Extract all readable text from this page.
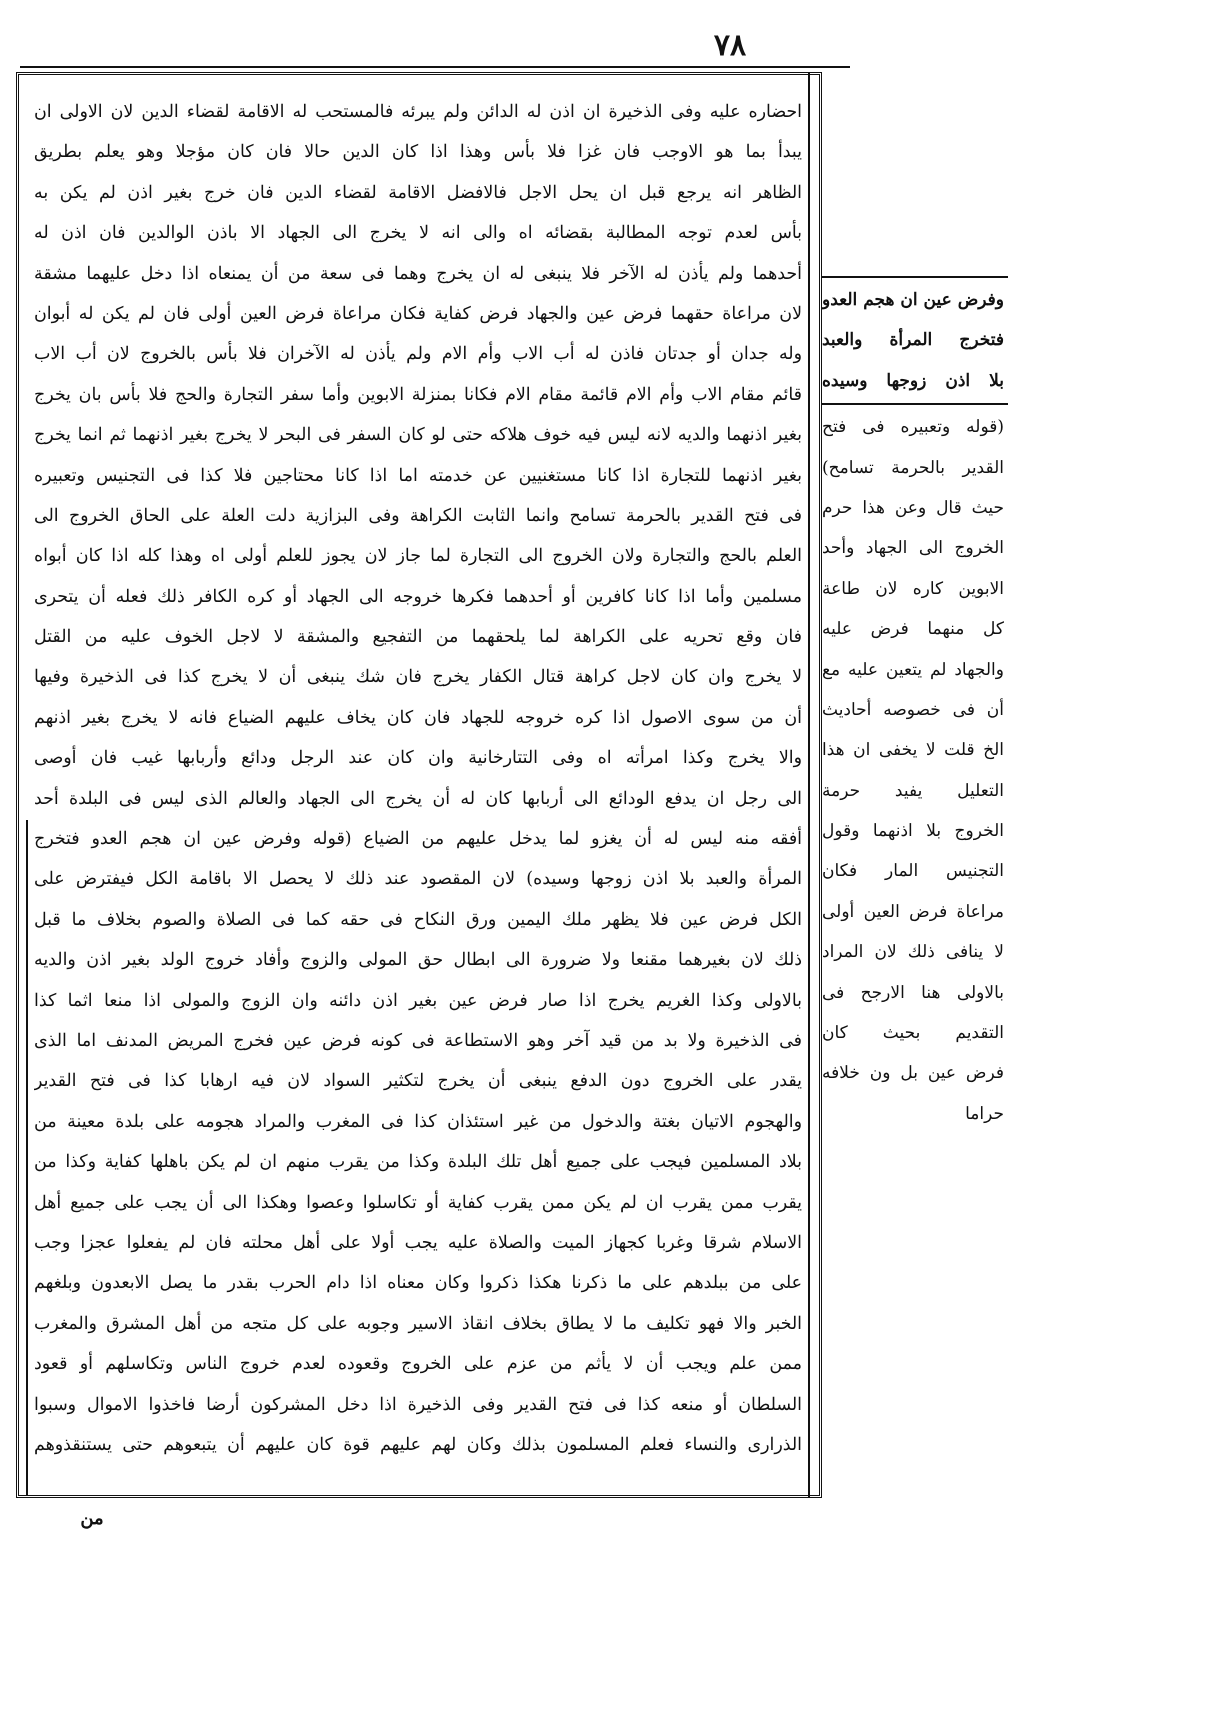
٧٨
احضاره عليه وفى الذخيرة ان اذن له الدائن ولم يبرئه فالمستحب له الاقامة لقضاء الدين لان الاولى ان
يبدأ بما هو الاوجب فان غزا فلا بأس وهذا اذا كان الدين حالا فان كان مؤجلا وهو يعلم بطريق
الظاهر انه يرجع قبل ان يحل الاجل فالافضل الاقامة لقضاء الدين فان خرج بغير اذن لم يكن به
بأس لعدم توجه المطالبة بقضائه اه والى انه لا يخرج الى الجهاد الا باذن الوالدين فان اذن له
أحدهما ولم يأذن له الآخر فلا ينبغى له ان يخرج وهما فى سعة من أن يمنعاه اذا دخل عليهما مشقة
لان مراعاة حقهما فرض عين والجهاد فرض كفاية فكان مراعاة فرض العين أولى فان لم يكن له أبوان
وله جدان أو جدتان فاذن له أب الاب وأم الام ولم يأذن له الآخران فلا بأس بالخروج لان أب الاب
قائم مقام الاب وأم الام قائمة مقام الام فكانا بمنزلة الابوين وأما سفر التجارة والحج فلا بأس بان يخرج
بغير اذنهما والديه لانه ليس فيه خوف هلاكه حتى لو كان السفر فى البحر لا يخرج بغير اذنهما ثم انما يخرج
بغير اذنهما للتجارة اذا كانا مستغنيين عن خدمته اما اذا كانا محتاجين فلا كذا فى التجنيس وتعبيره
فى فتح القدير بالحرمة تسامح وانما الثابت الكراهة وفى البزازية دلت العلة على الحاق الخروج الى
العلم بالحج والتجارة ولان الخروج الى التجارة لما جاز لان يجوز للعلم أولى اه وهذا كله اذا كان أبواه
مسلمين وأما اذا كانا كافرين أو أحدهما فكرها خروجه الى الجهاد أو كره الكافر ذلك فعله أن يتحرى
فان وقع تحريه على الكراهة لما يلحقهما من التفجيع والمشقة لا لاجل الخوف عليه من القتل
لا يخرج وان كان لاجل كراهة قتال الكفار يخرج فان شك ينبغى أن لا يخرج كذا فى الذخيرة وفيها
أن من سوى الاصول اذا كره خروجه للجهاد فان كان يخاف عليهم الضياع فانه لا يخرج بغير اذنهم
والا يخرج وكذا امرأته اه وفى التتارخانية وان كان عند الرجل ودائع وأربابها غيب فان أوصى
الى رجل ان يدفع الودائع الى أربابها كان له أن يخرج الى الجهاد والعالم الذى ليس فى البلدة أحد
أفقه منه ليس له أن يغزو لما يدخل عليهم من الضياع (قوله وفرض عين ان هجم العدو فتخرج
المرأة والعبد بلا اذن زوجها وسيده) لان المقصود عند ذلك لا يحصل الا باقامة الكل فيفترض على
الكل فرض عين فلا يظهر ملك اليمين ورق النكاح فى حقه كما فى الصلاة والصوم بخلاف ما قبل
ذلك لان بغيرهما مقنعا ولا ضرورة الى ابطال حق المولى والزوج وأفاد خروج الولد بغير اذن والديه
بالاولى وكذا الغريم يخرج اذا صار فرض عين بغير اذن دائنه وان الزوج والمولى اذا منعا اثما كذا
فى الذخيرة ولا بد من قيد آخر وهو الاستطاعة فى كونه فرض عين فخرج المريض المدنف اما الذى
يقدر على الخروج دون الدفع ينبغى أن يخرج لتكثير السواد لان فيه ارهابا كذا فى فتح القدير
والهجوم الاتيان بغتة والدخول من غير استئذان كذا فى المغرب والمراد هجومه على بلدة معينة من
بلاد المسلمين فيجب على جميع أهل تلك البلدة وكذا من يقرب منهم ان لم يكن باهلها كفاية وكذا من
يقرب ممن يقرب ان لم يكن ممن يقرب كفاية أو تكاسلوا وعصوا وهكذا الى أن يجب على جميع أهل
الاسلام شرقا وغربا كجهاز الميت والصلاة عليه يجب أولا على أهل محلته فان لم يفعلوا عجزا وجب
على من ببلدهم على ما ذكرنا هكذا ذكروا وكان معناه اذا دام الحرب بقدر ما يصل الابعدون وبلغهم
الخبر والا فهو تكليف ما لا يطاق بخلاف انقاذ الاسير وجوبه على كل متجه من أهل المشرق والمغرب
ممن علم ويجب أن لا يأثم من عزم على الخروج وقعوده لعدم خروج الناس وتكاسلهم أو قعود
السلطان أو منعه كذا فى فتح القدير وفى الذخيرة اذا دخل المشركون أرضا فاخذوا الاموال وسبوا
الذرارى والنساء فعلم المسلمون بذلك وكان لهم عليهم قوة كان عليهم أن يتبعوهم حتى يستنقذوهم
وفرض عين ان هجم العدو
فتخرج المرأة والعبد
بلا اذن زوجها وسيده
(قوله وتعبيره فى فتح
القدير بالحرمة تسامح)
حيث قال وعن هذا حرم
الخروج الى الجهاد وأحد
الابوين كاره لان طاعة
كل منهما فرض عليه
والجهاد لم يتعين عليه مع
أن فى خصوصه أحاديث
الخ قلت لا يخفى ان هذا
التعليل يفيد حرمة
الخروج بلا اذنهما وقول
التجنيس المار فكان
مراعاة فرض العين أولى
لا ينافى ذلك لان المراد
بالاولى هنا الارجح فى
التقديم بحيث كان
فرض عين بل ون خلافه
حراما
من
